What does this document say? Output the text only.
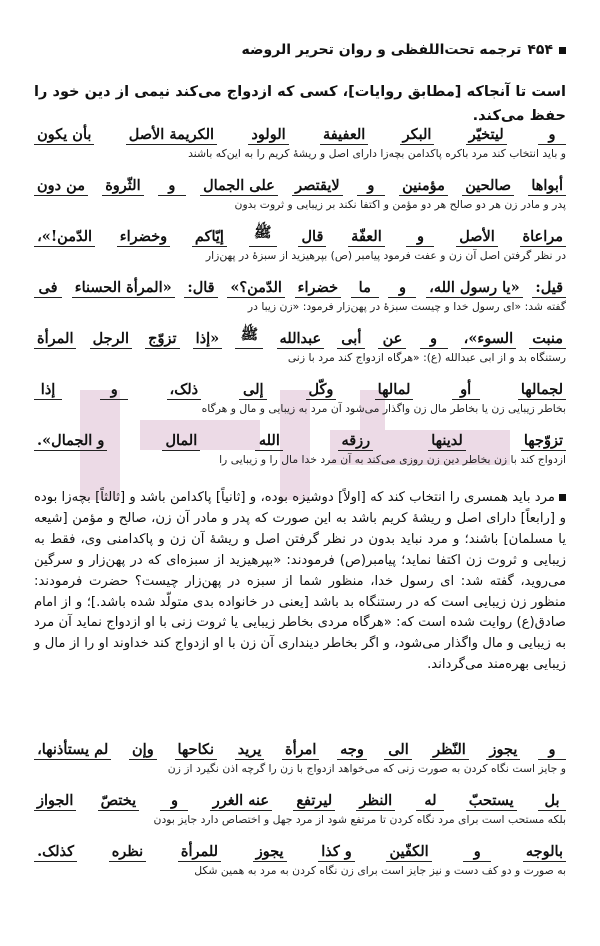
۴۵۴
ترجمه تحت‌اللفظی و روان تحریر الروضه
است تا آنجاکه [مطابق روایات]، کسی که ازدواج می‌کند نیمی از دین خود را حفظ می‌کند.
و
لیتخیّر
البکر
العفیفة
الولود
الکریمة الأصل
بأن یکون
و باید انتخاب کند مرد باکره پاکدامن بچه‌زا دارای اصل و ریشهٔ کریم را به این‌که باشند
أبواها
صالحین
مؤمنین
و
لایقتصر
علی الجمال
و
الثّروة
من دون
پدر و مادر زن هر دو صالح هر دو مؤمن و اکتفا نکند بر زیبایی و ثروت بدون
مراعاة
الأصل
و
العفّة
قال
ﷺ
إیّاکم
وخضراء
الدّمن!»،
در نظر گرفتن اصل آن زن و عفت فرمود پیامبر (ص) بپرهیزید از سبزهٔ در پهن‌زار
قیل:
«یا رسول الله،
و
ما
خضراء
الدّمن؟»
قال:
«المرأة الحسناء
فی
گفته شد: «ای رسول خدا و چیست سبزهٔ در پهن‌زار فرمود: «زن زیبا در
منبت
السوء»،
و
عن
أبی
عبدالله
ﷺ
«إذا
تزوّج
الرجل
المرأة
رستنگاه بد و از ابی عبدالله (ع): «هرگاه ازدواج کند مرد با زنی
لجمالها
أو
لمالها
وکّل
إلی
ذلک،
و
إذا
بخاطر زیبایی زن یا بخاطر مال زن واگذار می‌شود آن مرد به زیبایی و مال و هرگاه
تزوّجها
لدینها
رزقه
الله
المال
و الجمال».
ازدواج کند با زن بخاطر دین زن روزی می‌کند به آن مرد خدا مال را و زیبایی را
مرد باید همسری را انتخاب کند که [اولاً] دوشیزه بوده، و [ثانیاً] پاکدامن باشد و [ثالثاً] بچه‌زا بوده و [رابعاً] دارای اصل و ریشهٔ کریم باشد به این صورت که پدر و مادر آن زن، صالح و مؤمن [شیعه یا مسلمان] باشند؛ و مرد نباید بدون در نظر گرفتن اصل و ریشهٔ آن زن و پاکدامنی وی، فقط به زیبایی و ثروت زن اکتفا نماید؛ پیامبر(ص) فرمودند: «بپرهیزید از سبزه‌ای که در پهن‌زار و سرگین می‌روید، گفته شد: ای رسول خدا، منظور شما از سبزه در پهن‌زار چیست؟ حضرت فرمودند: منظور زن زیبایی است که در رستنگاه بد باشد [یعنی در خانواده بدی متولّد شده باشد.]؛ و از امام صادق(ع) روایت شده است که: «هرگاه مردی بخاطر زیبایی یا ثروت زنی با او ازدواج نماید آن مرد به زیبایی و مال واگذار می‌شود، و اگر بخاطر دینداری آن زن با او ازدواج کند خداوند او را از مال و زیبایی بهره‌مند می‌گرداند.
و
یجوز
النّظر
الی
وجه
امرأة
یرید
نکاحها
وإن
لم یستأذنها،
و جایز است نگاه کردن به صورت زنی که می‌خواهد ازدواج با زن را گرچه اذن نگیرد از زن
بل
یستحبّ
له
النظر
لیرتفع
عنه الغرر
و
یختصّ
الجواز
بلکه مستحب است برای مرد نگاه کردن تا مرتفع شود از مرد جهل و اختصاص دارد جایز بودن
بالوجه
و
الکفّین
و کذا
یجوز
للمرأة
نظره
کذلک.
به صورت و دو کف دست و نیز جایز است برای زن نگاه کردن به مرد به همین شکل
